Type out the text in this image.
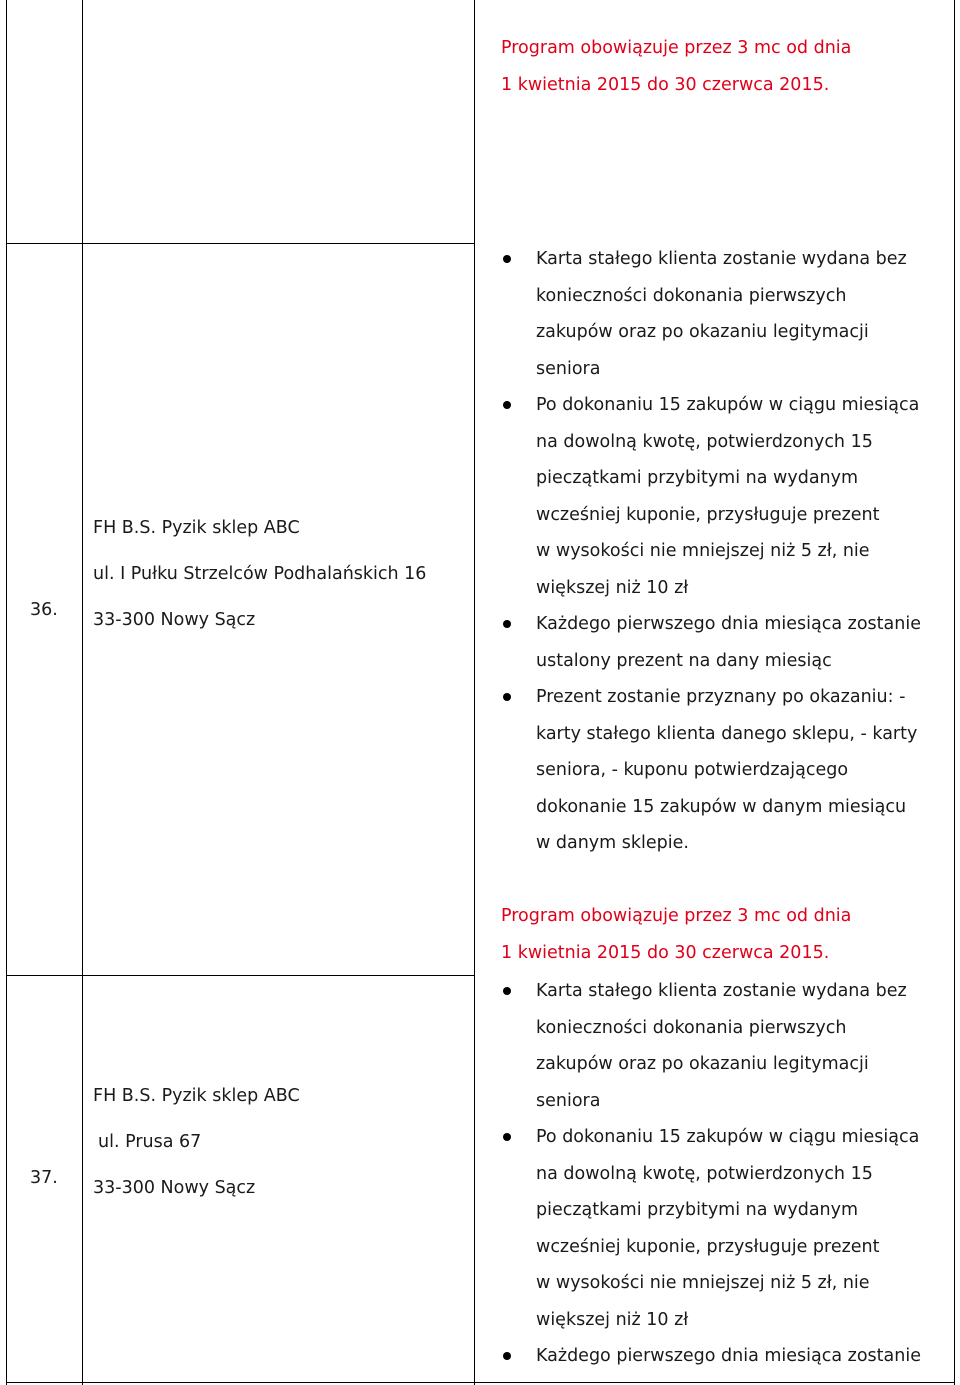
Program obowiązuje przez 3 mc od dnia
1 kwietnia 2015 do 30 czerwca 2015.
36.
FH B.S. Pyzik sklep ABC
ul. I Pułku Strzelców Podhalańskich 16
33-300 Nowy Sącz
Karta stałego klienta zostanie wydana bez
konieczności dokonania pierwszych
zakupów oraz po okazaniu legitymacji
seniora
Po dokonaniu 15 zakupów w ciągu miesiąca
na dowolną kwotę, potwierdzonych 15
pieczątkami przybitymi na wydanym
wcześniej kuponie, przysługuje prezent
w wysokości nie mniejszej niż 5 zł, nie
większej niż 10 zł
Każdego pierwszego dnia miesiąca zostanie
ustalony prezent na dany miesiąc
Prezent zostanie przyznany po okazaniu: -
karty stałego klienta danego sklepu, - karty
seniora, - kuponu potwierdzającego
dokonanie 15 zakupów w danym miesiącu
w danym sklepie.
Program obowiązuje przez 3 mc od dnia
1 kwietnia 2015 do 30 czerwca 2015.
37.
FH B.S. Pyzik sklep ABC
ul. Prusa 67
33-300 Nowy Sącz
Karta stałego klienta zostanie wydana bez
konieczności dokonania pierwszych
zakupów oraz po okazaniu legitymacji
seniora
Po dokonaniu 15 zakupów w ciągu miesiąca
na dowolną kwotę, potwierdzonych 15
pieczątkami przybitymi na wydanym
wcześniej kuponie, przysługuje prezent
w wysokości nie mniejszej niż 5 zł, nie
większej niż 10 zł
Każdego pierwszego dnia miesiąca zostanie
